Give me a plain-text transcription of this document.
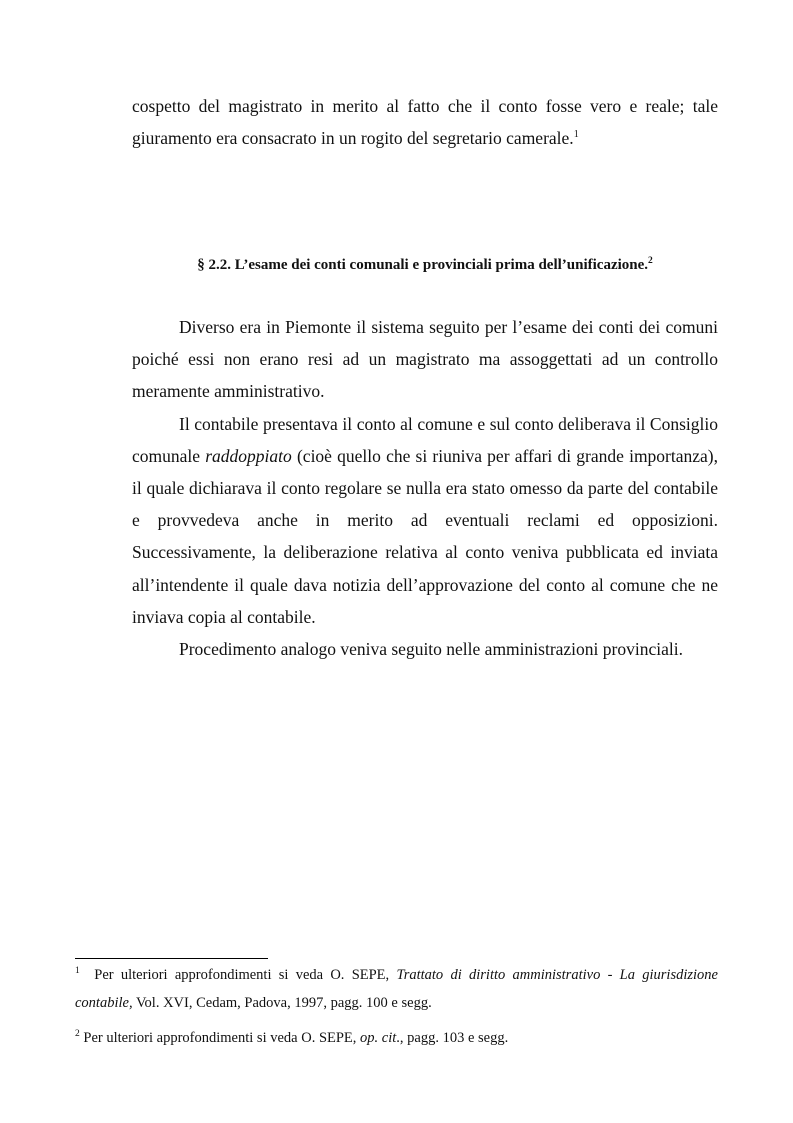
cospetto del magistrato in merito al fatto che il conto fosse vero e reale; tale

giuramento era consacrato in un rogito del segretario camerale.$^1$

§ 2.2. L’esame dei conti comunali e provinciali prima dell’unificazione.$^2$

Diverso era in Piemonte il sistema seguito per l’esame dei conti dei comuni poiché essi non erano resi ad un magistrato ma assoggettati ad un controllo meramente amministrativo.

Il contabile presentava il conto al comune e sul conto deliberava il Consiglio comunale raddoppiato (cioè quello che si riuniva per affari di grande importanza), il quale dichiarava il conto regolare se nulla era stato omesso da parte del contabile e provvedeva anche in merito ad eventuali reclami ed opposizioni. Successivamente, la deliberazione relativa al conto veniva pubblicata ed inviata all’intendente il quale dava notizia dell’approvazione del conto al comune che ne inviava copia al contabile.

Procedimento analogo veniva seguito nelle amministrazioni provinciali.

$^1$ Per ulteriori approfondimenti si veda O. SEPE, Trattato di diritto amministrativo - La giurisdizione contabile, Vol. XVI, Cedam, Padova, 1997, pagg. 100 e segg.

$^2$ Per ulteriori approfondimenti si veda O. SEPE, op. cit., pagg. 103 e segg.
